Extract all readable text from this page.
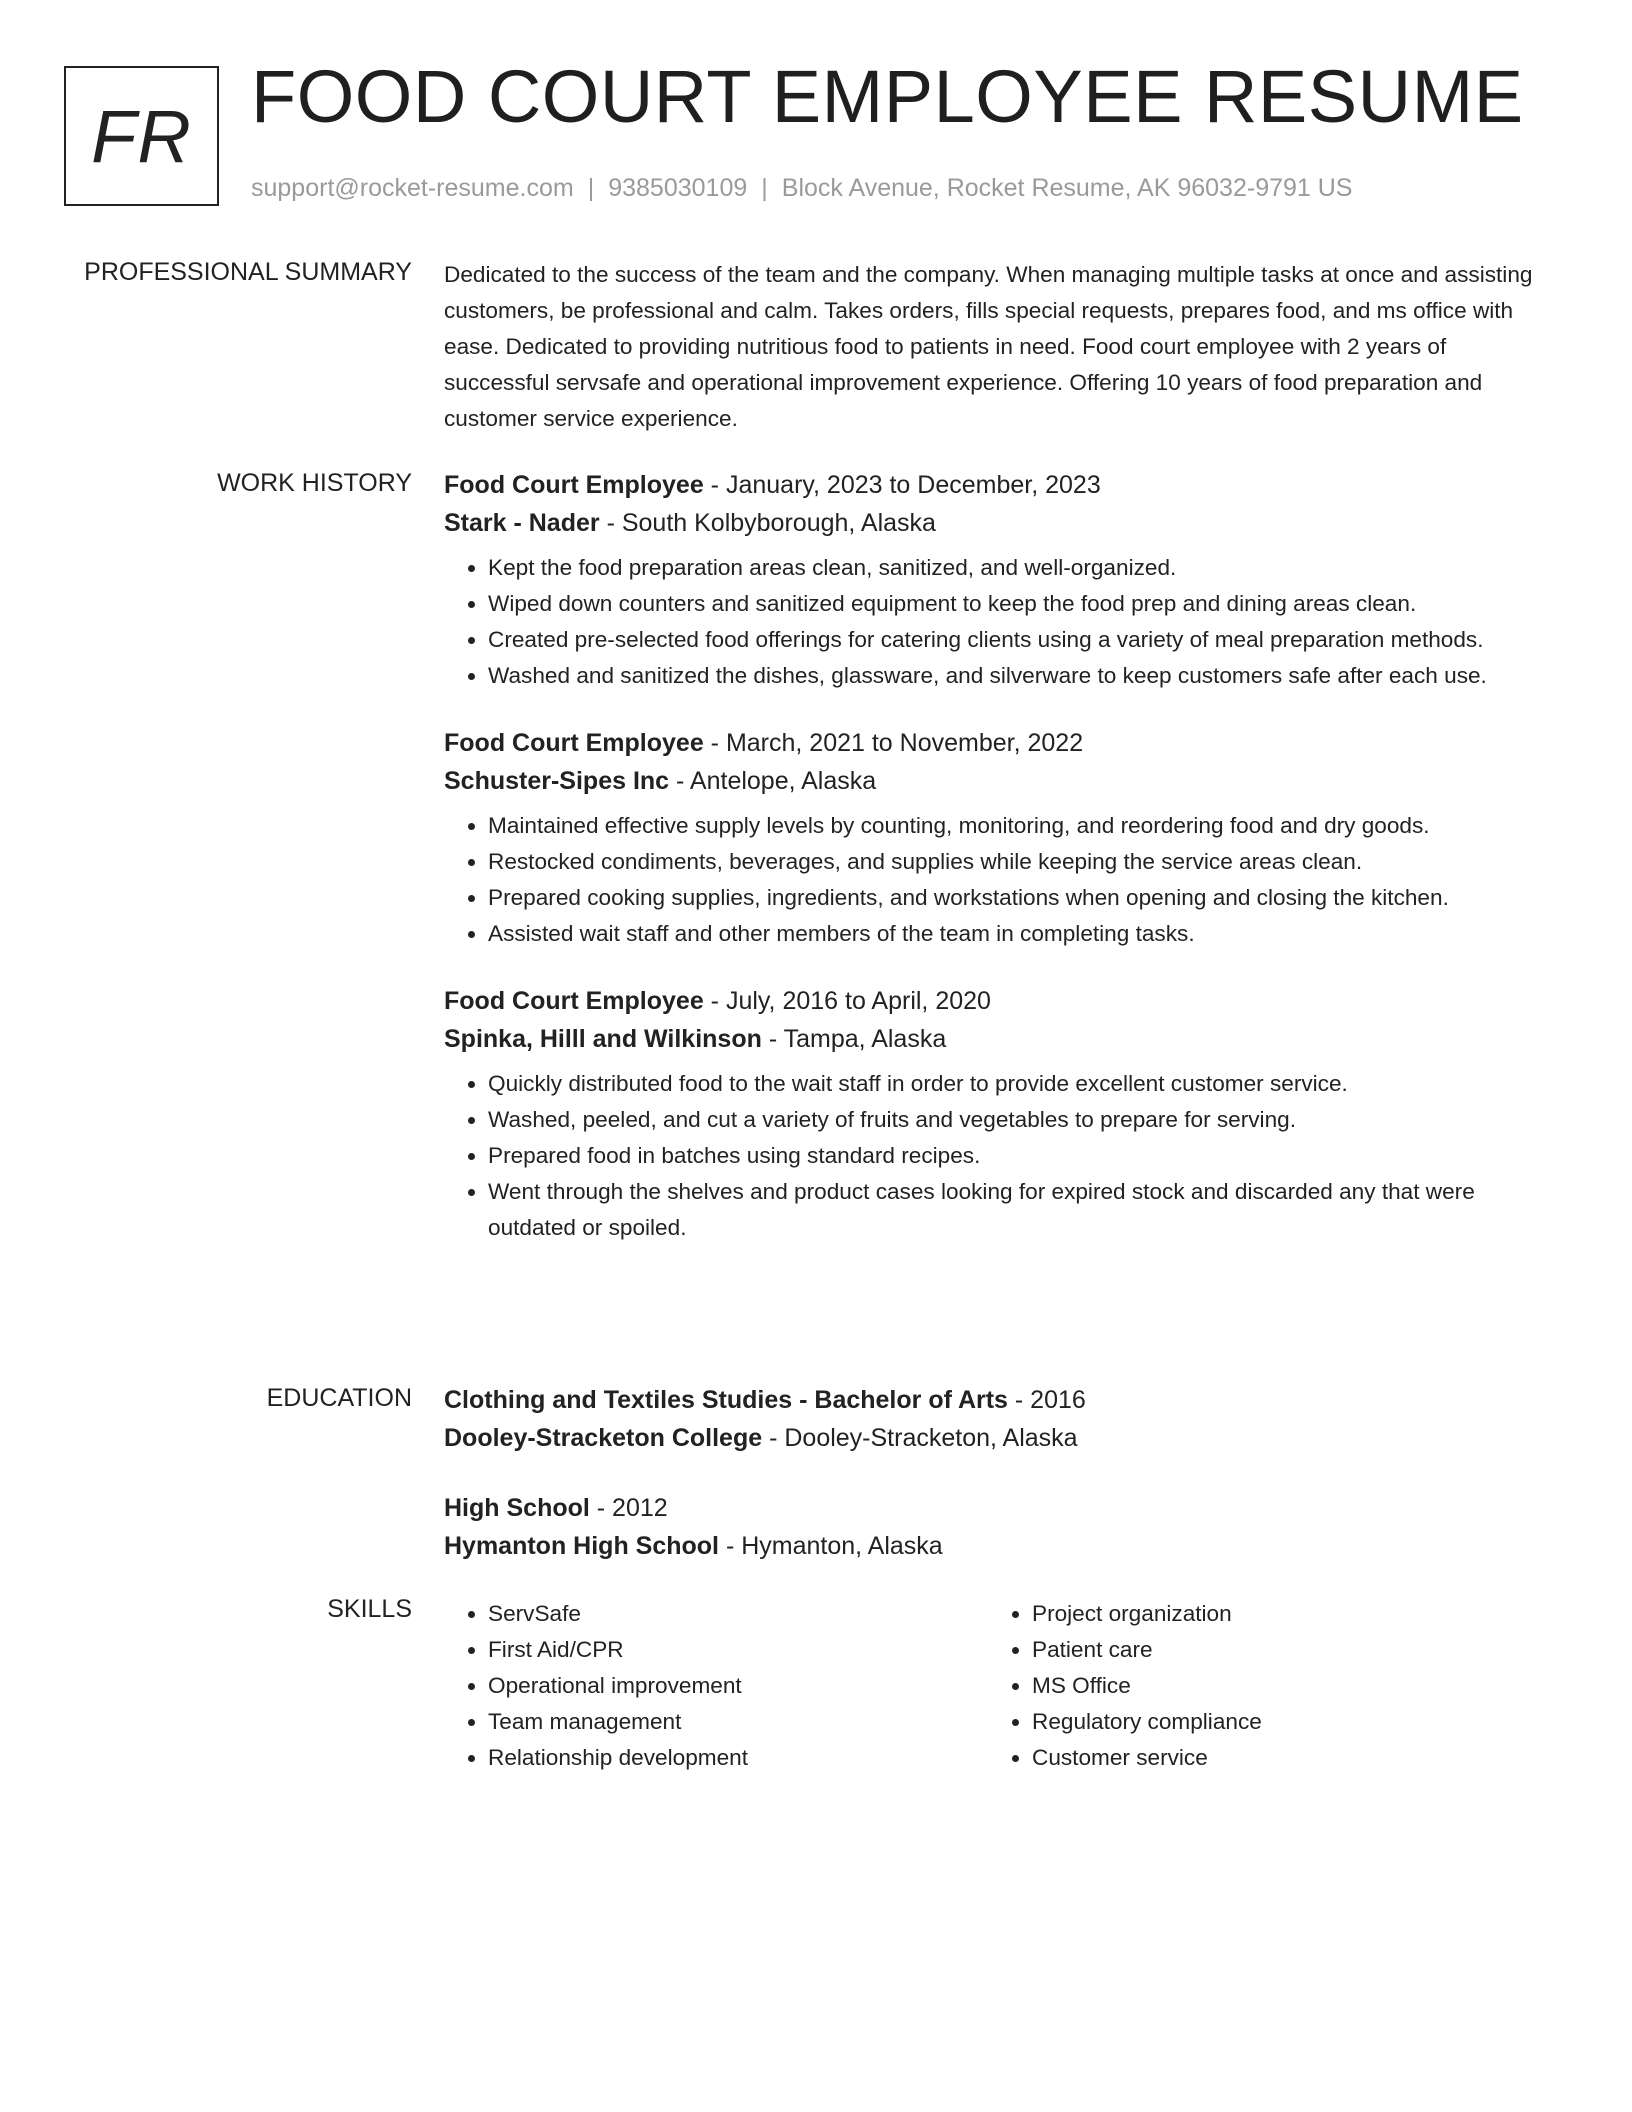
FR FOOD COURT EMPLOYEE RESUME
support@rocket-resume.com | 9385030109 | Block Avenue, Rocket Resume, AK 96032-9791 US
PROFESSIONAL SUMMARY Dedicated to the success of the team and the company. When managing multiple tasks at once and assisting customers, be professional and calm. Takes orders, fills special requests, prepares food, and ms office with ease. Dedicated to providing nutritious food to patients in need. Food court employee with 2 years of successful servsafe and operational improvement experience. Offering 10 years of food preparation and customer service experience.
WORK HISTORY Food Court Employee - January, 2023 to December, 2023
Stark - Nader - South Kolbyborough, Alaska
• Kept the food preparation areas clean, sanitized, and well-organized.
• Wiped down counters and sanitized equipment to keep the food prep and dining areas clean.
• Created pre-selected food offerings for catering clients using a variety of meal preparation methods.
• Washed and sanitized the dishes, glassware, and silverware to keep customers safe after each use.
Food Court Employee - March, 2021 to November, 2022
Schuster-Sipes Inc - Antelope, Alaska
• Maintained effective supply levels by counting, monitoring, and reordering food and dry goods.
• Restocked condiments, beverages, and supplies while keeping the service areas clean.
• Prepared cooking supplies, ingredients, and workstations when opening and closing the kitchen.
• Assisted wait staff and other members of the team in completing tasks.
Food Court Employee - July, 2016 to April, 2020
Spinka, Hilll and Wilkinson - Tampa, Alaska
• Quickly distributed food to the wait staff in order to provide excellent customer service.
• Washed, peeled, and cut a variety of fruits and vegetables to prepare for serving.
• Prepared food in batches using standard recipes.
• Went through the shelves and product cases looking for expired stock and discarded any that were outdated or spoiled.
EDUCATION Clothing and Textiles Studies - Bachelor of Arts - 2016
Dooley-Stracketon College - Dooley-Stracketon, Alaska
High School - 2012
Hymanton High School - Hymanton, Alaska
SKILLS
•	ServSafe
• First Aid/CPR
• Operational improvement
• Team management
• Relationship development
• Project organization
• Patient care
• MS Office
• Regulatory compliance
• Customer service
